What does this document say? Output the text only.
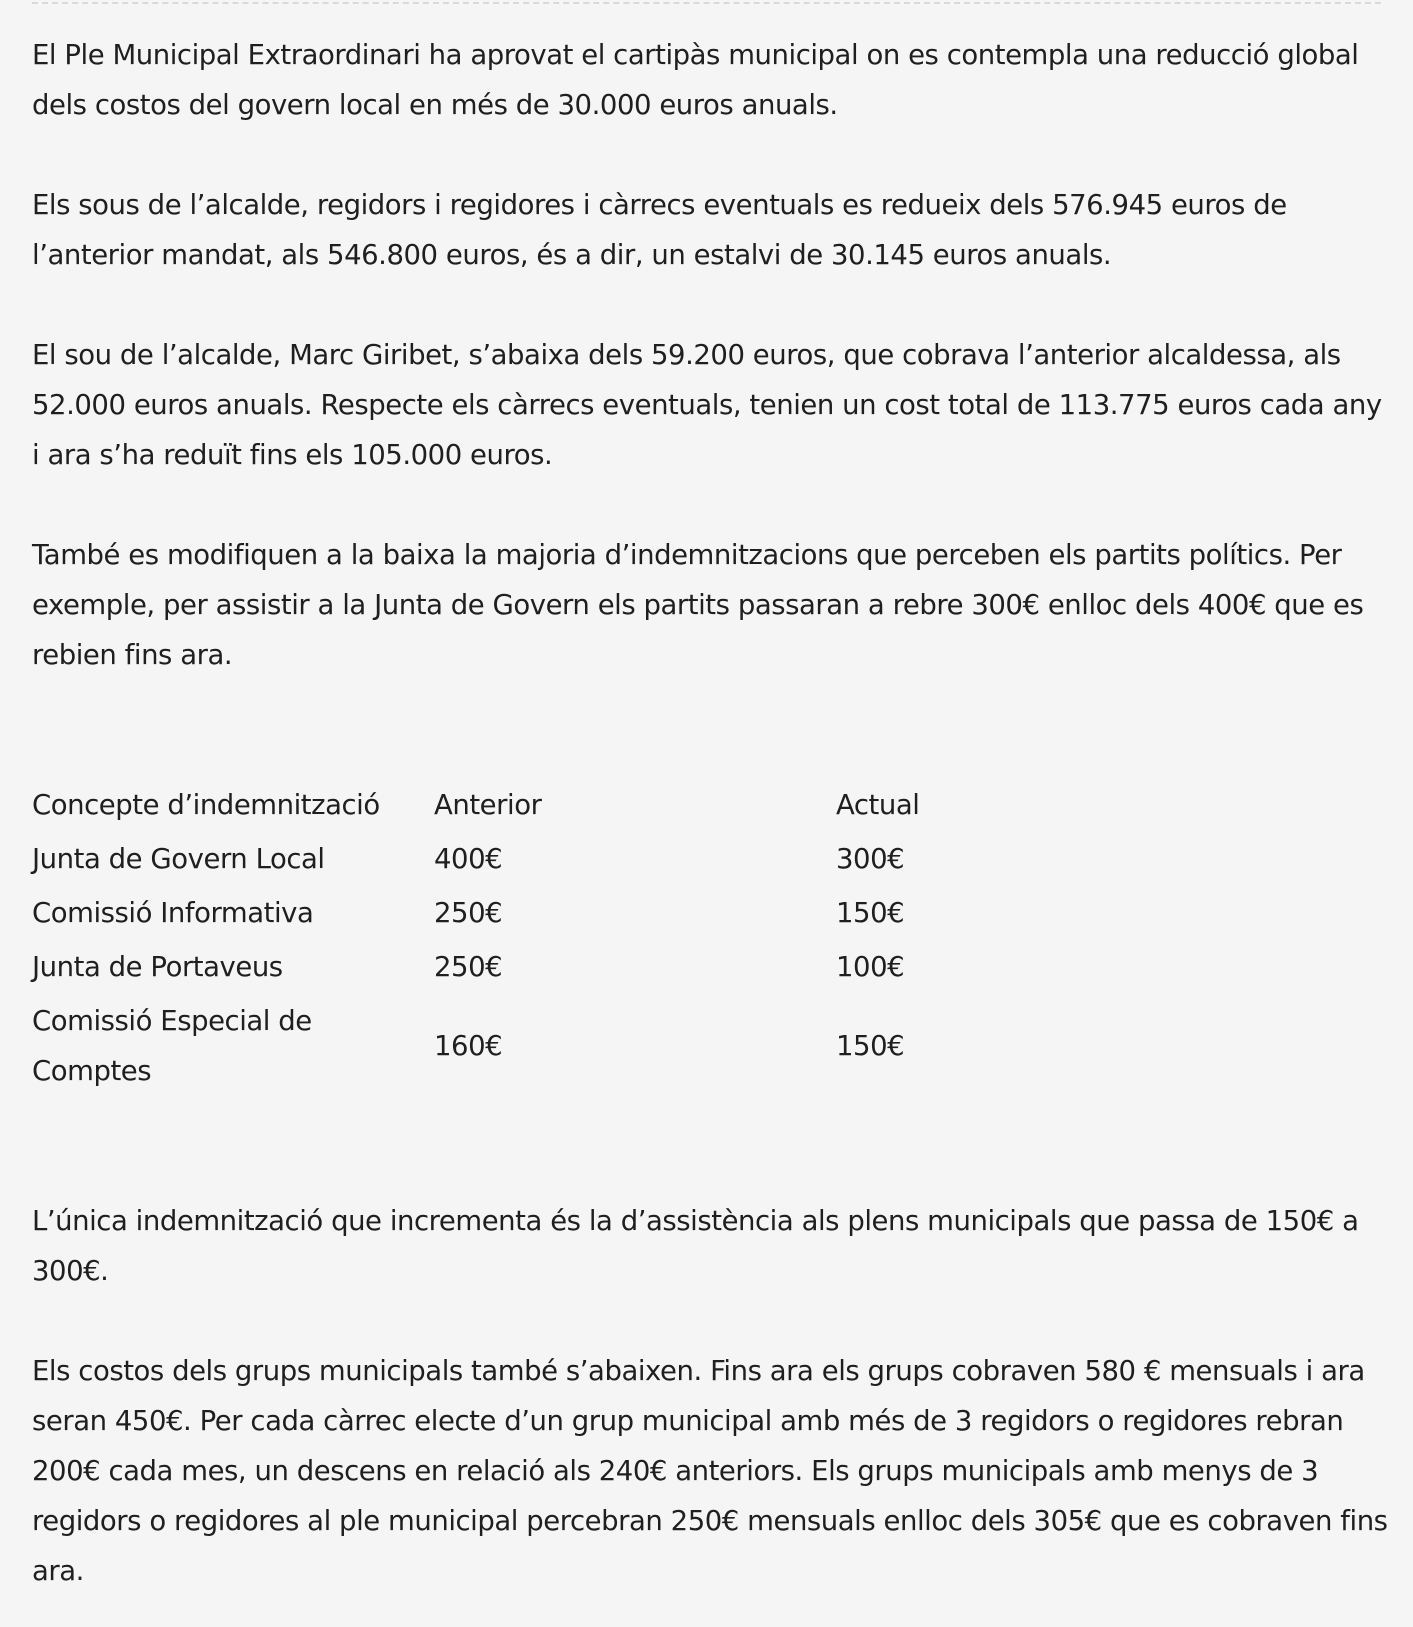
El Ple Municipal Extraordinari ha aprovat el cartipàs municipal on es contempla una reducció global dels costos del govern local en més de 30.000 euros anuals.

Els sous de l’alcalde, regidors i regidores i càrrecs eventuals es redueix dels 576.945 euros de l’anterior mandat, als 546.800 euros, és a dir, un estalvi de 30.145 euros anuals.

El sou de l’alcalde, Marc Giribet, s’abaixa dels 59.200 euros, que cobrava l’anterior alcaldessa, als 52.000 euros anuals. Respecte els càrrecs eventuals, tenien un cost total de 113.775 euros cada any i ara s’ha reduït fins els 105.000 euros.

També es modifiquen a la baixa la majoria d’indemnitzacions que perceben els partits polítics. Per exemple, per assistir a la Junta de Govern els partits passaran a rebre 300€ enlloc dels 400€ que es rebien fins ara.

Concepte d’indemnització	Anterior	Actual
Junta de Govern Local	400€	300€
Comissió Informativa	250€	150€
Junta de Portaveus	250€	100€
Comissió Especial de Comptes	160€	150€

L’única indemnització que incrementa és la d’assistència als plens municipals que passa de 150€ a 300€.

Els costos dels grups municipals també s’abaixen. Fins ara els grups cobraven 580 € mensuals i ara seran 450€. Per cada càrrec electe d’un grup municipal amb més de 3 regidors o regidores rebran 200€ cada mes, un descens en relació als 240€ anteriors. Els grups municipals amb menys de 3 regidors o regidores al ple municipal percebran 250€ mensuals enlloc dels 305€ que es cobraven fins ara.
